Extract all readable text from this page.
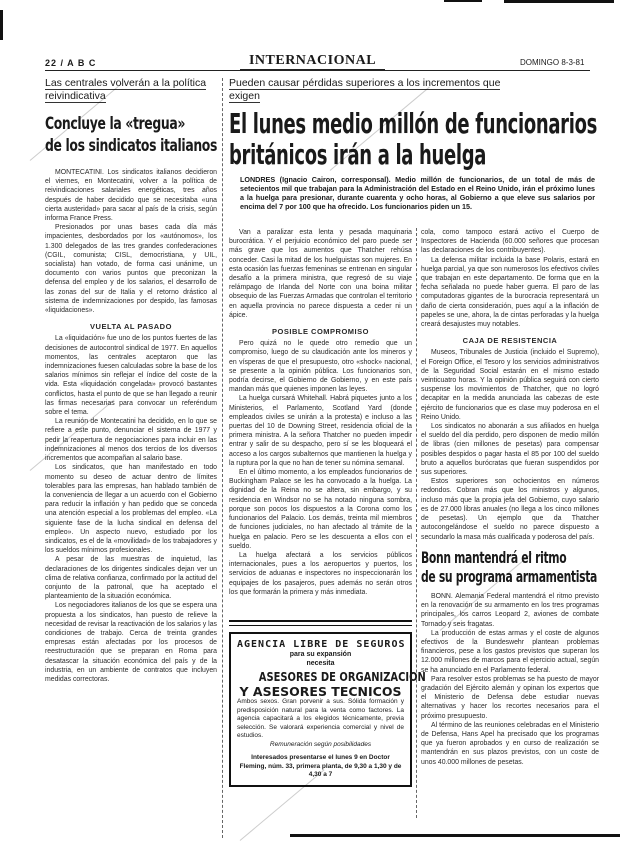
22 / A B C	INTERNACIONAL	DOMINGO 8-3-81
Las centrales volverán a la política reivindicativa
Concluye la «tregua»
de los sindicatos italianos

MONTECATINI. Los sindicatos italianos decidieron el viernes, en Montecatini, volver a la política de reivindicaciones salariales energéticas, tres años después de haber decidido que se necesitaba «una cierta austeridad» para sacar al país de la crisis, según informa France Press.

Presionados por unas bases cada día más impacientes, desbordados por los «autónomos», los 1.300 delegados de las tres grandes confederaciones (CGIL, comunista; CISL, democristiana, y UIL, socialista) han votado, de forma casi unánime, un documento con varios puntos que preconizan la defensa del empleo y de los salarios, el desarrollo de las zonas del sur de Italia y el retorno drástico al sistema de indemnizaciones por despido, las famosas «liquidaciones».

VUELTA AL PASADO

La «liquidación» fue uno de los puntos fuertes de las decisiones de autocontrol sindical de 1977. En aquellos momentos, las centrales aceptaron que las indemnizaciones fuesen calculadas sobre la base de los salarios mínimos sin reflejar el índice del coste de la vida. Esta «liquidación congelada» provocó bastantes conflictos, hasta el punto de que se han llegado a reunir las firmas necesarias para convocar un referéndum sobre el tema.

La reunión de Montecatini ha decidido, en lo que se refiere a este punto, denunciar el sistema de 1977 y pedir la reapertura de negociaciones para incluir en las indemnizaciones al menos dos tercios de los diversos incrementos que acompañan al salario base.

Los sindicatos, que han manifestado en todo momento su deseo de actuar dentro de límites tolerables para las empresas, han hablado también de la conveniencia de llegar a un acuerdo con el Gobierno para reducir la inflación y han pedido que se conceda una atención especial a los problemas del empleo. «La siguiente fase de la lucha sindical en defensa del empleo». Un aspecto nuevo, estudiado por los sindicatos, es el de la «movilidad» de los trabajadores y los sueldos mínimos profesionales.

A pesar de las muestras de inquietud, las declaraciones de los dirigentes sindicales dejan ver un clima de relativa confianza, confirmado por la actitud del conjunto de la patronal, que ha aceptado el planteamiento de la situación económica.

Los negociadores italianos de los que se espera una propuesta a los sindicatos, han puesto de relieve la necesidad de revisar la reactivación de los salarios y las condiciones de trabajo. Cerca de treinta grandes empresas están afectadas por los procesos de reestructuración que se preparan en Roma para desatascar la situación económica del país y de la industria, en un ambiente de contratos que incluyen medidas correctoras.

Pueden causar pérdidas superiores a los incrementos que exigen
El lunes medio millón de funcionarios
británicos irán a la huelga
LONDRES (Ignacio Cairon, corresponsal). Medio millón de funcionarios, de un total de más de setecientos mil que trabajan para la Administración del Estado en el Reino Unido, irán el próximo lunes a la huelga para presionar, durante cuarenta y ocho horas, al Gobierno a que eleve sus salarios por encima del 7 por 100 que ha ofrecido. Los funcionarios piden un 15.

Van a paralizar esta lenta y pesada maquinaria burocrática. Y el perjuicio económico del paro puede ser más grave que los aumentos que Thatcher rehúsa conceder. Casi la mitad de los huelguistas son mujeres. En esta ocasión las fuerzas femeninas se entrenan en singular desafío a la primera ministra, que regresó de su viaje relámpago de Irlanda del Norte con una boina militar obsequio de las Fuerzas Armadas que controlan el territorio en aquella provincia no parece dispuesta a ceder ni un ápice.

POSIBLE COMPROMISO

Pero quizá no le quede otro remedio que un compromiso, luego de su claudicación ante los mineros y en vísperas de que el presupuesto, otro «shock» nacional, se presente a la opinión pública. Los funcionarios son, podría decirse, el Gobierno de Gobierno, y en este país mandan más que quienes imponen las leyes.

La huelga cursará Whitehall. Habrá piquetes junto a los Ministerios, el Parlamento, Scotland Yard (donde empleados civiles se unirán a la protesta) e incluso a las puertas del 10 de Downing Street, residencia oficial de la primera ministra. A la señora Thatcher no pueden impedir entrar y salir de su despacho, pero sí se les bloqueará el acceso a los cargos subalternos que mantienen la huelga y la ruptura por la que no han de tener su nómina semanal.

En el último momento, a los empleados funcionarios de Buckingham Palace se les ha convocado a la huelga. La dignidad de la Reina no se altera, sin embargo, y su residencia en Windsor no se ha notado ninguna sombra, porque son pocos los dispuestos a la Corona como los funcionarios del Palacio. Los demás, treinta mil miembros de funciones judiciales, no han afectado al trámite de la huelga en palacio. Pero se les descuenta a ellos con el sueldo.

La huelga afectará a los servicios públicos internacionales, pues a los aeropuertos y puertos, los servicios de aduanas e inspectores no inspeccionarán los equipajes de los pasajeros, pues además no serán otros los que formarán la primera y más inmediata.

AGENCIA LIBRE DE SEGUROS
para su expansión
necesita
ASESORES DE ORGANIZACION
Y ASESORES TECNICOS
Ambos sexos. Gran porvenir a sus. Sólida formación y predisposición natural para la venta como factores. La agencia capacitará a los elegidos técnicamente, previa selección. Se valorará experiencia comercial y nivel de estudios.
Remuneración según posibilidades
Interesados presentarse el lunes 9 en Doctor Fleming, núm. 33, primera planta, de 9,30 a 1,30 y de 4,30 a 7

cola, como tampoco estará activo el Cuerpo de Inspectores de Hacienda (60.000 señores que procesan las declaraciones de los contribuyentes).

La defensa militar incluida la base Polaris, estará en huelga parcial, ya que son numerosos los efectivos civiles que trabajan en este departamento. De forma que en la fecha señalada no puede haber guerra. El paro de las computadoras gigantes de la burocracia representará un daño de cierta consideración, pues aquí a la inflación de papeles se une, ahora, la de cintas perforadas y la huelga creará desajustes muy notables.

CAJA DE RESISTENCIA

Museos, Tribunales de Justicia (incluido el Supremo), el Foreign Office, el Tesoro y los servicios administrativos de la Seguridad Social estarán en el mismo estado veinticuatro horas. Y la opinión pública seguirá con cierto suspense los movimientos de Thatcher, que no logró decapitar en la medida anunciada las cabezas de este ejército de funcionarios que es clase muy poderosa en el Reino Unido.

Los sindicatos no abonarán a sus afiliados en huelga el sueldo del día perdido, pero disponen de medio millón de libras (cien millones de pesetas) para compensar posibles despidos o pagar hasta el 85 por 100 del sueldo bruto a aquellos burócratas que fueran suspendidos por sus superiores.

Estos superiores son ochocientos en números redondos. Cobran más que los ministros y algunos, incluso más que la propia jefa del Gobierno, cuyo salario es de 27.000 libras anuales (no llega a los cinco millones de pesetas). Un ejemplo que da Thatcher autocongelándose el sueldo no parece dispuesto a secundarlo la masa más cualificada y poderosa del país.

Bonn mantendrá el ritmo
de su programa armamentista

BONN. Alemania Federal mantendrá el ritmo previsto en la renovación de su armamento en los tres programas principales, los carros Leopard 2, aviones de combate Tornado y seis fragatas.

La producción de estas armas y el coste de algunos efectivos de la Bundeswehr plantean problemas financieros, pese a los gastos previstos que superan los 12.000 millones de marcos para el ejercicio actual, según se ha anunciado en el Parlamento federal.

Para resolver estos problemas se ha puesto de mayor gradación del Ejército alemán y opinan los expertos que el Ministerio de Defensa debe estudiar nuevas alternativas y hacer los recortes necesarios para el próximo presupuesto.

Al término de las reuniones celebradas en el Ministerio de Defensa, Hans Apel ha precisado que los programas que ya fueron aprobados y en curso de realización se mantendrán en sus plazos previstos, con un coste de unos 40.000 millones de pesetas.
